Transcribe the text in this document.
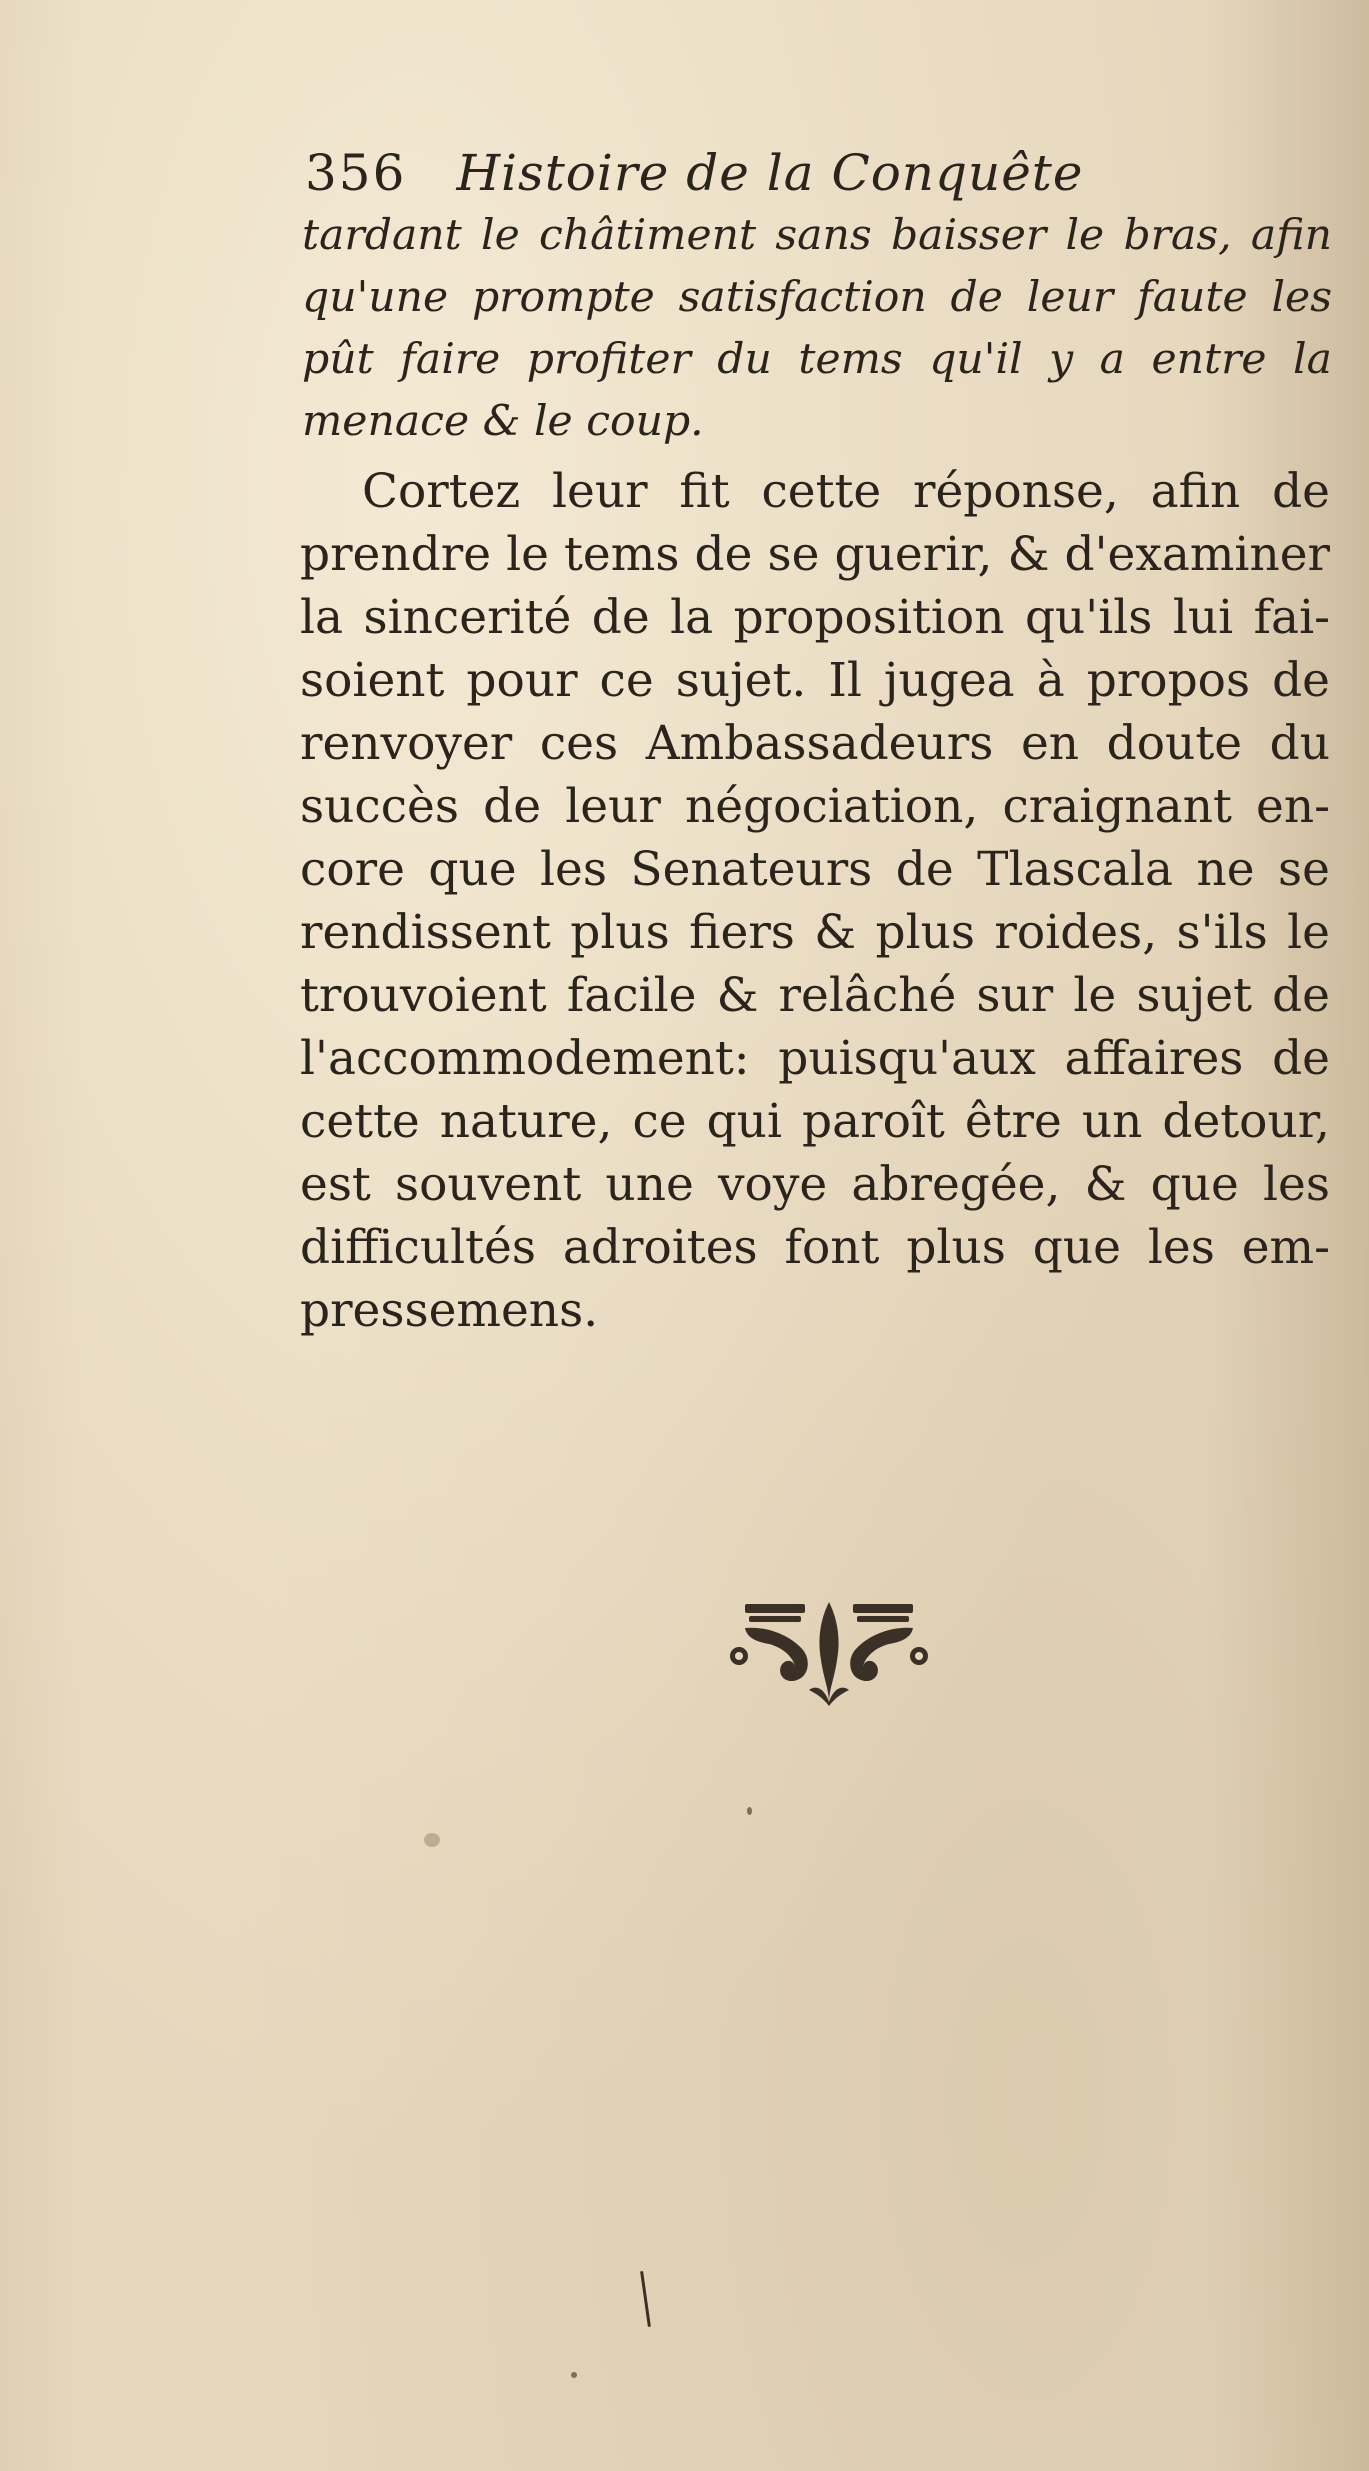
356 Histoire de la Conquête
tardant le châtiment sans baisser le bras, afin
qu'une prompte satisfaction de leur faute les
pût faire profiter du tems qu'il y a entre la
menace & le coup.
Cortez leur fit cette réponse, afin de
prendre le tems de se guerir, & d'examiner
la sincerité de la proposition qu'ils lui fai-
soient pour ce sujet. Il jugea à propos de
renvoyer ces Ambassadeurs en doute du
succès de leur négociation, craignant en-
core que les Senateurs de Tlascala ne se
rendissent plus fiers & plus roides, s'ils le
trouvoient facile & relâché sur le sujet de
l'accommodement: puisqu'aux affaires de
cette nature, ce qui paroît être un detour,
est souvent une voye abregée, & que les
difficultés adroites font plus que les em-
pressemens.
